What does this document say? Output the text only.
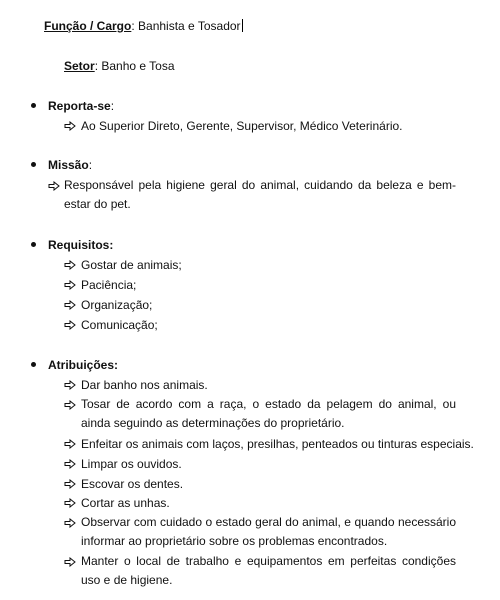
Função / Cargo: Banhista e Tosador
Setor: Banho e Tosa
Reporta-se:
Ao Superior Direto, Gerente, Supervisor, Médico Veterinário.
Missão:
Responsável pela higiene geral do animal, cuidando da beleza e bem-estar do pet.
Requisitos:
Gostar de animais;
Paciência;
Organização;
Comunicação;
Atribuições:
Dar banho nos animais.
Tosar de acordo com a raça, o estado da pelagem do animal, ou ainda seguindo as determinações do proprietário.
Enfeitar os animais com laços, presilhas, penteados ou tinturas especiais.
Limpar os ouvidos.
Escovar os dentes.
Cortar as unhas.
Observar com cuidado o estado geral do animal, e quando necessário informar ao proprietário sobre os problemas encontrados.
Manter o local de trabalho e equipamentos em perfeitas condições uso e de higiene.
